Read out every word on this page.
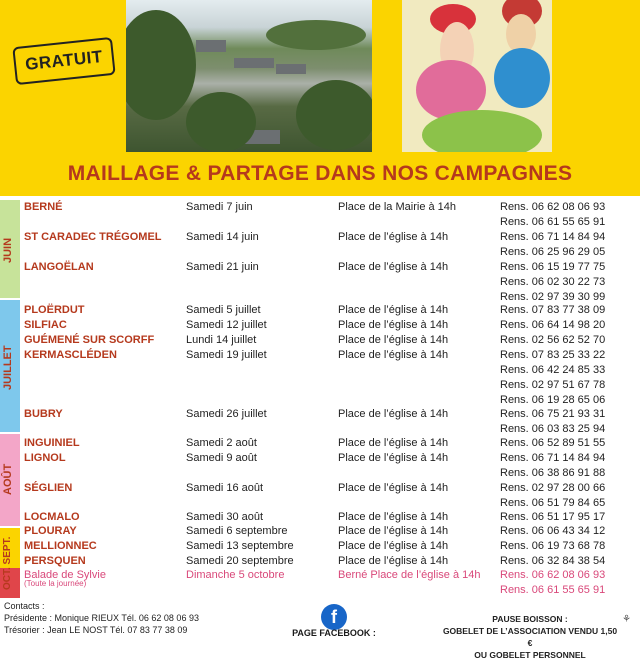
GRATUIT
MAILLAGE & PARTAGE DANS NOS CAMPAGNES
JUIN
JUILLET
AOÛT
OCT. SEPT.
BERNÉ	Samedi 7 juin	Place de la Mairie à 14h	Rens. 06 62 08 06 93
Rens. 06 61 55 65 91
ST CARADEC TRÉGOMEL Samedi 14 juin	Place de l’église à 14h	Rens. 06 71 14 84 94
Rens. 06 25 96 29 05
LANGOËLAN	Samedi 21 juin	Place de l’église à 14h	Rens. 06 15 19 77 75
Rens. 06 02 30 22 73
Rens. 02 97 39 30 99
PLOËRDUT	Samedi 5 juillet	Place de l’église à 14h	Rens. 07 83 77 38 09
SILFIAC	Samedi 12 juillet	Place de l’église à 14h	Rens. 06 64 14 98 20
GUÉMENÉ SUR SCORFF	Lundi 14 juillet	Place de l’église à 14h	Rens. 02 56 62 52 70
KERMASCLÉDEN	Samedi 19 juillet	Place de l’église à 14h	Rens. 07 83 25 33 22
Rens. 06 42 24 85 33
Rens. 02 97 51 67 78
Rens. 06 19 28 65 06
BUBRY	Samedi 26 juillet	Place de l’église à 14h	Rens. 06 75 21 93 31
Rens. 06 03 83 25 94
INGUINIEL	Samedi 2 août	Place de l’église à 14h	Rens. 06 52 89 51 55
LIGNOL	Samedi 9 août	Place de l’église à 14h	Rens. 06 71 14 84 94
Rens. 06 38 86 91 88
SÉGLIEN	Samedi 16 août	Place de l’église à 14h	Rens. 02 97 28 00 66
Rens. 06 51 79 84 65
LOCMALO	Samedi 30 août	Place de l’église à 14h	Rens. 06 51 17 95 17
PLOURAY	Samedi 6 septembre	Place de l’église à 14h	Rens. 06 06 43 34 12
MELLIONNEC	Samedi 13 septembre	Place de l’église à 14h	Rens. 06 19 73 68 78
PERSQUEN	Samedi 20 septembre	Place de l’église à 14h	Rens. 06 32 84 38 54
Balade de Sylvie
(Toute la journée)
Dimanche 5 octobre	Berné Place de l’église à 14h Rens. 06 62 08 06 93
Rens. 06 61 55 65 91
Contacts :
Présidente : Monique RIEUX Tél. 06 62 08 06 93
Trésorier : Jean LE NOST Tél. 07 83 77 38 09
f
PAGE FACEBOOK :
PAUSE BOISSON :
GOBELET DE L’ASSOCIATION VENDU 1,50 €
OU GOBELET PERSONNEL
⚘
